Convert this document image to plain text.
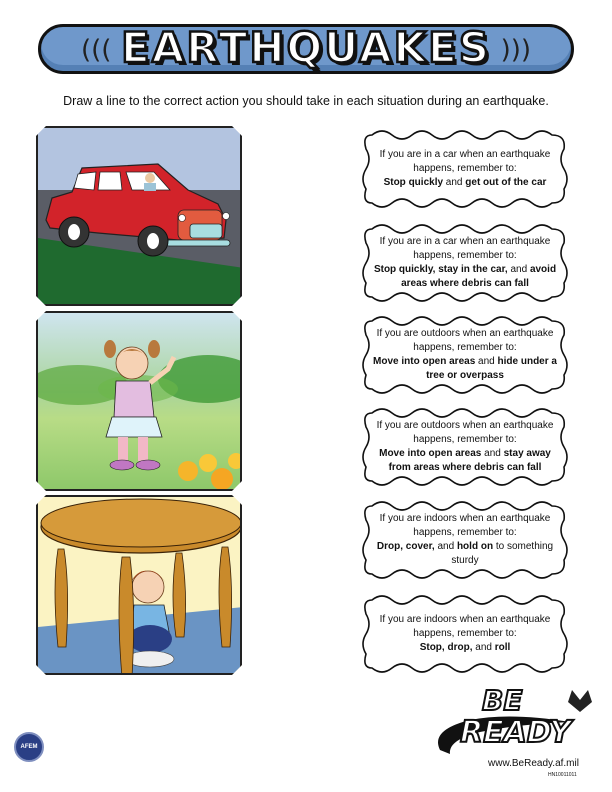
((( EARTHQUAKES )))
Draw a line to the correct action you should take in each situation during an earthquake.
If you are in a car when an earthquake happens, remember to:
Stop quickly and get out of the car
If you are in a car when an earthquake happens, remember to:
Stop quickly, stay in the car, and avoid areas where debris can fall
If you are outdoors when an earthquake happens, remember to:
Move into open areas and hide under a tree or overpass
If you are outdoors when an earthquake happens, remember to:
Move into open areas and stay away from areas where debris can fall
If you are indoors when an earthquake happens, remember to:
Drop, cover, and hold on to something sturdy
If you are indoors when an earthquake happens, remember to:
Stop, drop, and roll
AFEM
BE
READY
www.BeReady.af.mil
HN10011011
